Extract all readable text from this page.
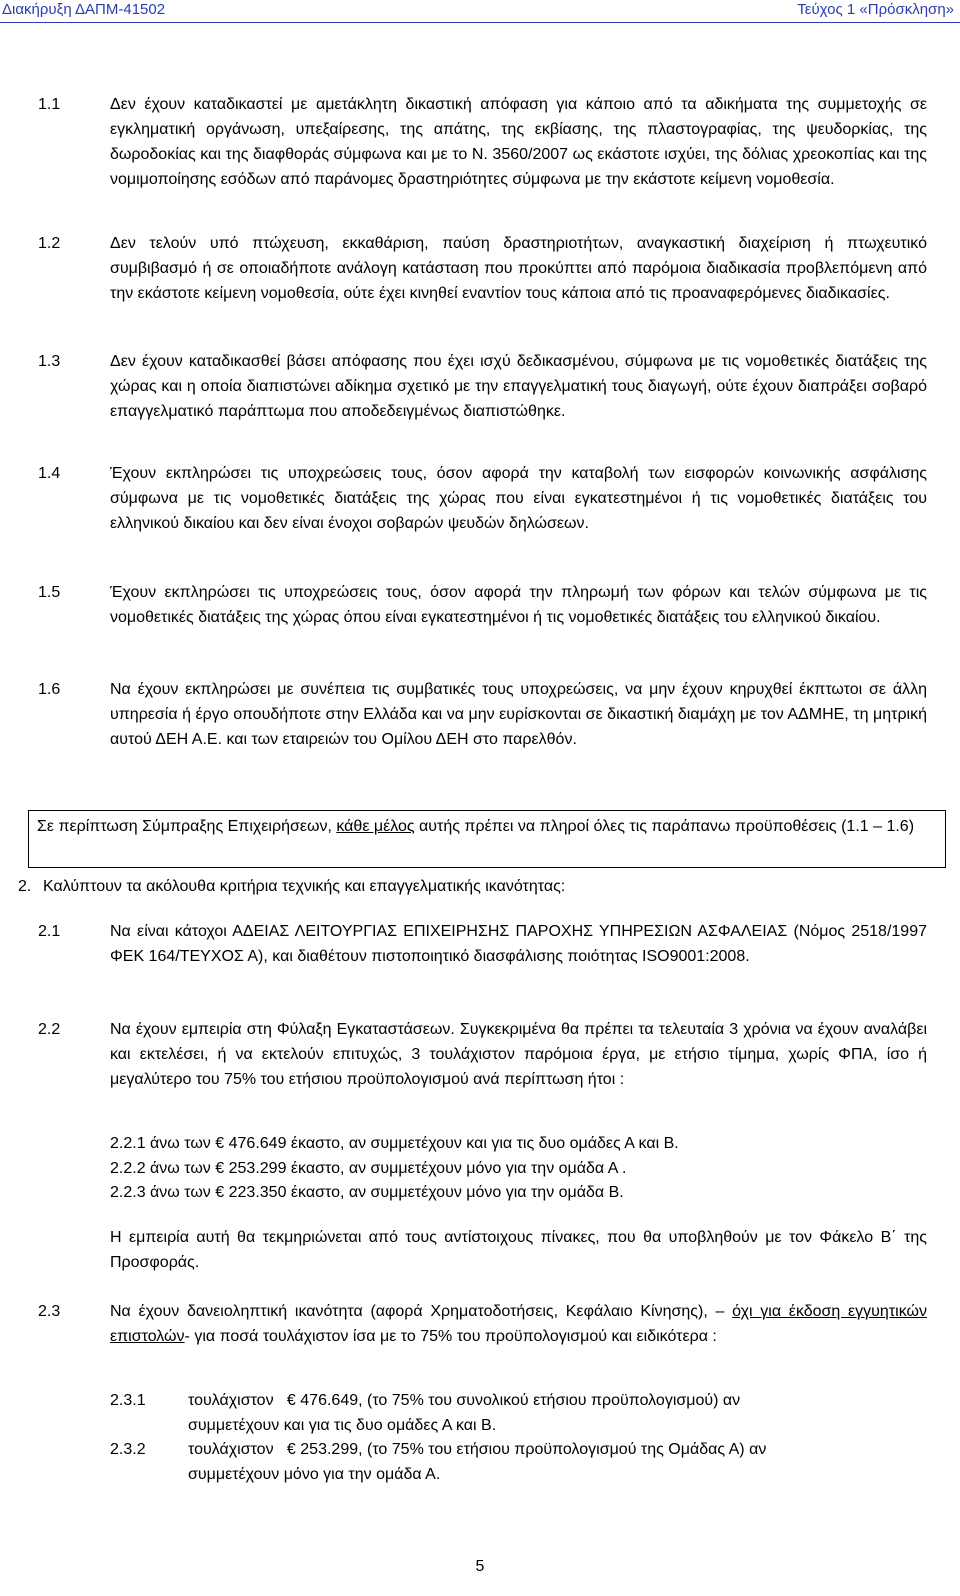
Διακήρυξη ΔΑΠΜ-41502	Τεύχος 1 «Πρόσκληση»
1.1	Δεν έχουν καταδικαστεί με αμετάκλητη δικαστική απόφαση για κάποιο από τα αδικήματα της συμμετοχής σε εγκληματική οργάνωση, υπεξαίρεσης, της απάτης, της εκβίασης, της πλαστογραφίας, της ψευδορκίας, της δωροδοκίας και της διαφθοράς σύμφωνα και με το Ν. 3560/2007 ως εκάστοτε ισχύει, της δόλιας χρεοκοπίας και της νομιμοποίησης εσόδων από παράνομες δραστηριότητες σύμφωνα με την εκάστοτε κείμενη νομοθεσία.
1.2	Δεν τελούν υπό πτώχευση, εκκαθάριση, παύση δραστηριοτήτων, αναγκαστική διαχείριση ή πτωχευτικό συμβιβασμό ή σε οποιαδήποτε ανάλογη κατάσταση που προκύπτει από παρόμοια διαδικασία προβλεπόμενη από την εκάστοτε κείμενη νομοθεσία, ούτε έχει κινηθεί εναντίον τους κάποια από τις προαναφερόμενες διαδικασίες.
1.3	Δεν έχουν καταδικασθεί βάσει απόφασης που έχει ισχύ δεδικασμένου, σύμφωνα με τις νομοθετικές διατάξεις της χώρας και η οποία διαπιστώνει αδίκημα σχετικό με την επαγγελματική τους διαγωγή, ούτε έχουν διαπράξει σοβαρό επαγγελματικό παράπτωμα που αποδεδειγμένως διαπιστώθηκε.
1.4	Έχουν εκπληρώσει τις υποχρεώσεις τους, όσον αφορά την καταβολή των εισφορών κοινωνικής ασφάλισης σύμφωνα με τις νομοθετικές διατάξεις της χώρας που είναι εγκατεστημένοι ή τις νομοθετικές διατάξεις του ελληνικού δικαίου και δεν είναι ένοχοι σοβαρών ψευδών δηλώσεων.
1.5	Έχουν εκπληρώσει τις υποχρεώσεις τους, όσον αφορά την πληρωμή των φόρων και τελών σύμφωνα με τις νομοθετικές διατάξεις της χώρας όπου είναι εγκατεστημένοι ή τις νομοθετικές διατάξεις του ελληνικού δικαίου.
1.6	Να έχουν εκπληρώσει με συνέπεια τις συμβατικές τους υποχρεώσεις, να μην έχουν κηρυχθεί έκπτωτοι σε άλλη υπηρεσία ή έργο οπουδήποτε στην Ελλάδα και να μην ευρίσκονται σε δικαστική διαμάχη με τον ΑΔΜΗΕ, τη μητρική αυτού ΔΕΗ Α.Ε. και των εταιρειών του Ομίλου ΔΕΗ στο παρελθόν.
Σε περίπτωση Σύμπραξης Επιχειρήσεων, κάθε μέλος αυτής πρέπει να πληροί όλες τις παράπανω προϋποθέσεις (1.1 – 1.6)
2. Καλύπτουν τα ακόλουθα κριτήρια τεχνικής και επαγγελματικής ικανότητας:
2.1	Να είναι κάτοχοι ΑΔΕΙΑΣ ΛΕΙΤΟΥΡΓΙΑΣ ΕΠΙΧΕΙΡΗΣΗΣ ΠΑΡΟΧΗΣ ΥΠΗΡΕΣΙΩΝ ΑΣΦΑΛΕΙΑΣ (Νόμος 2518/1997 ΦΕΚ 164/ΤΕΥΧΟΣ Α), και διαθέτουν πιστοποιητικό διασφάλισης ποιότητας ISO9001:2008.
2.2	Να έχουν εμπειρία στη Φύλαξη Εγκαταστάσεων. Συγκεκριμένα θα πρέπει τα τελευταία 3 χρόνια να έχουν αναλάβει και εκτελέσει, ή να εκτελούν επιτυχώς, 3 τουλάχιστον παρόμοια έργα, με ετήσιο τίμημα, χωρίς ΦΠΑ, ίσο ή μεγαλύτερο του 75% του ετήσιου προϋπολογισμού ανά περίπτωση ήτοι :
2.2.1 άνω των € 476.649 έκαστο, αν συμμετέχουν και για τις δυο ομάδες Α και Β.
2.2.2 άνω των € 253.299 έκαστο, αν συμμετέχουν μόνο για την ομάδα Α .
2.2.3 άνω των € 223.350 έκαστο, αν συμμετέχουν μόνο για την ομάδα Β.
Η εμπειρία αυτή θα τεκμηριώνεται από τους αντίστοιχους πίνακες, που θα υποβληθούν με τον Φάκελο Β΄ της Προσφοράς.
2.3	Να έχουν δανειοληπτική ικανότητα (αφορά Χρηματοδοτήσεις, Κεφάλαιο Κίνησης), – όχι για έκδοση εγγυητικών επιστολών- για ποσά τουλάχιστον ίσα με το 75% του προϋπολογισμού και ειδικότερα :
2.3.1	τουλάχιστον € 476.649, (το 75% του συνολικού ετήσιου προϋπολογισμού) αν
συμμετέχουν και για τις δυο ομάδες Α και Β.
2.3.2	τουλάχιστον € 253.299, (το 75% του ετήσιου προϋπολογισμού της Ομάδας Α) αν
συμμετέχουν μόνο για την ομάδα Α.
5
